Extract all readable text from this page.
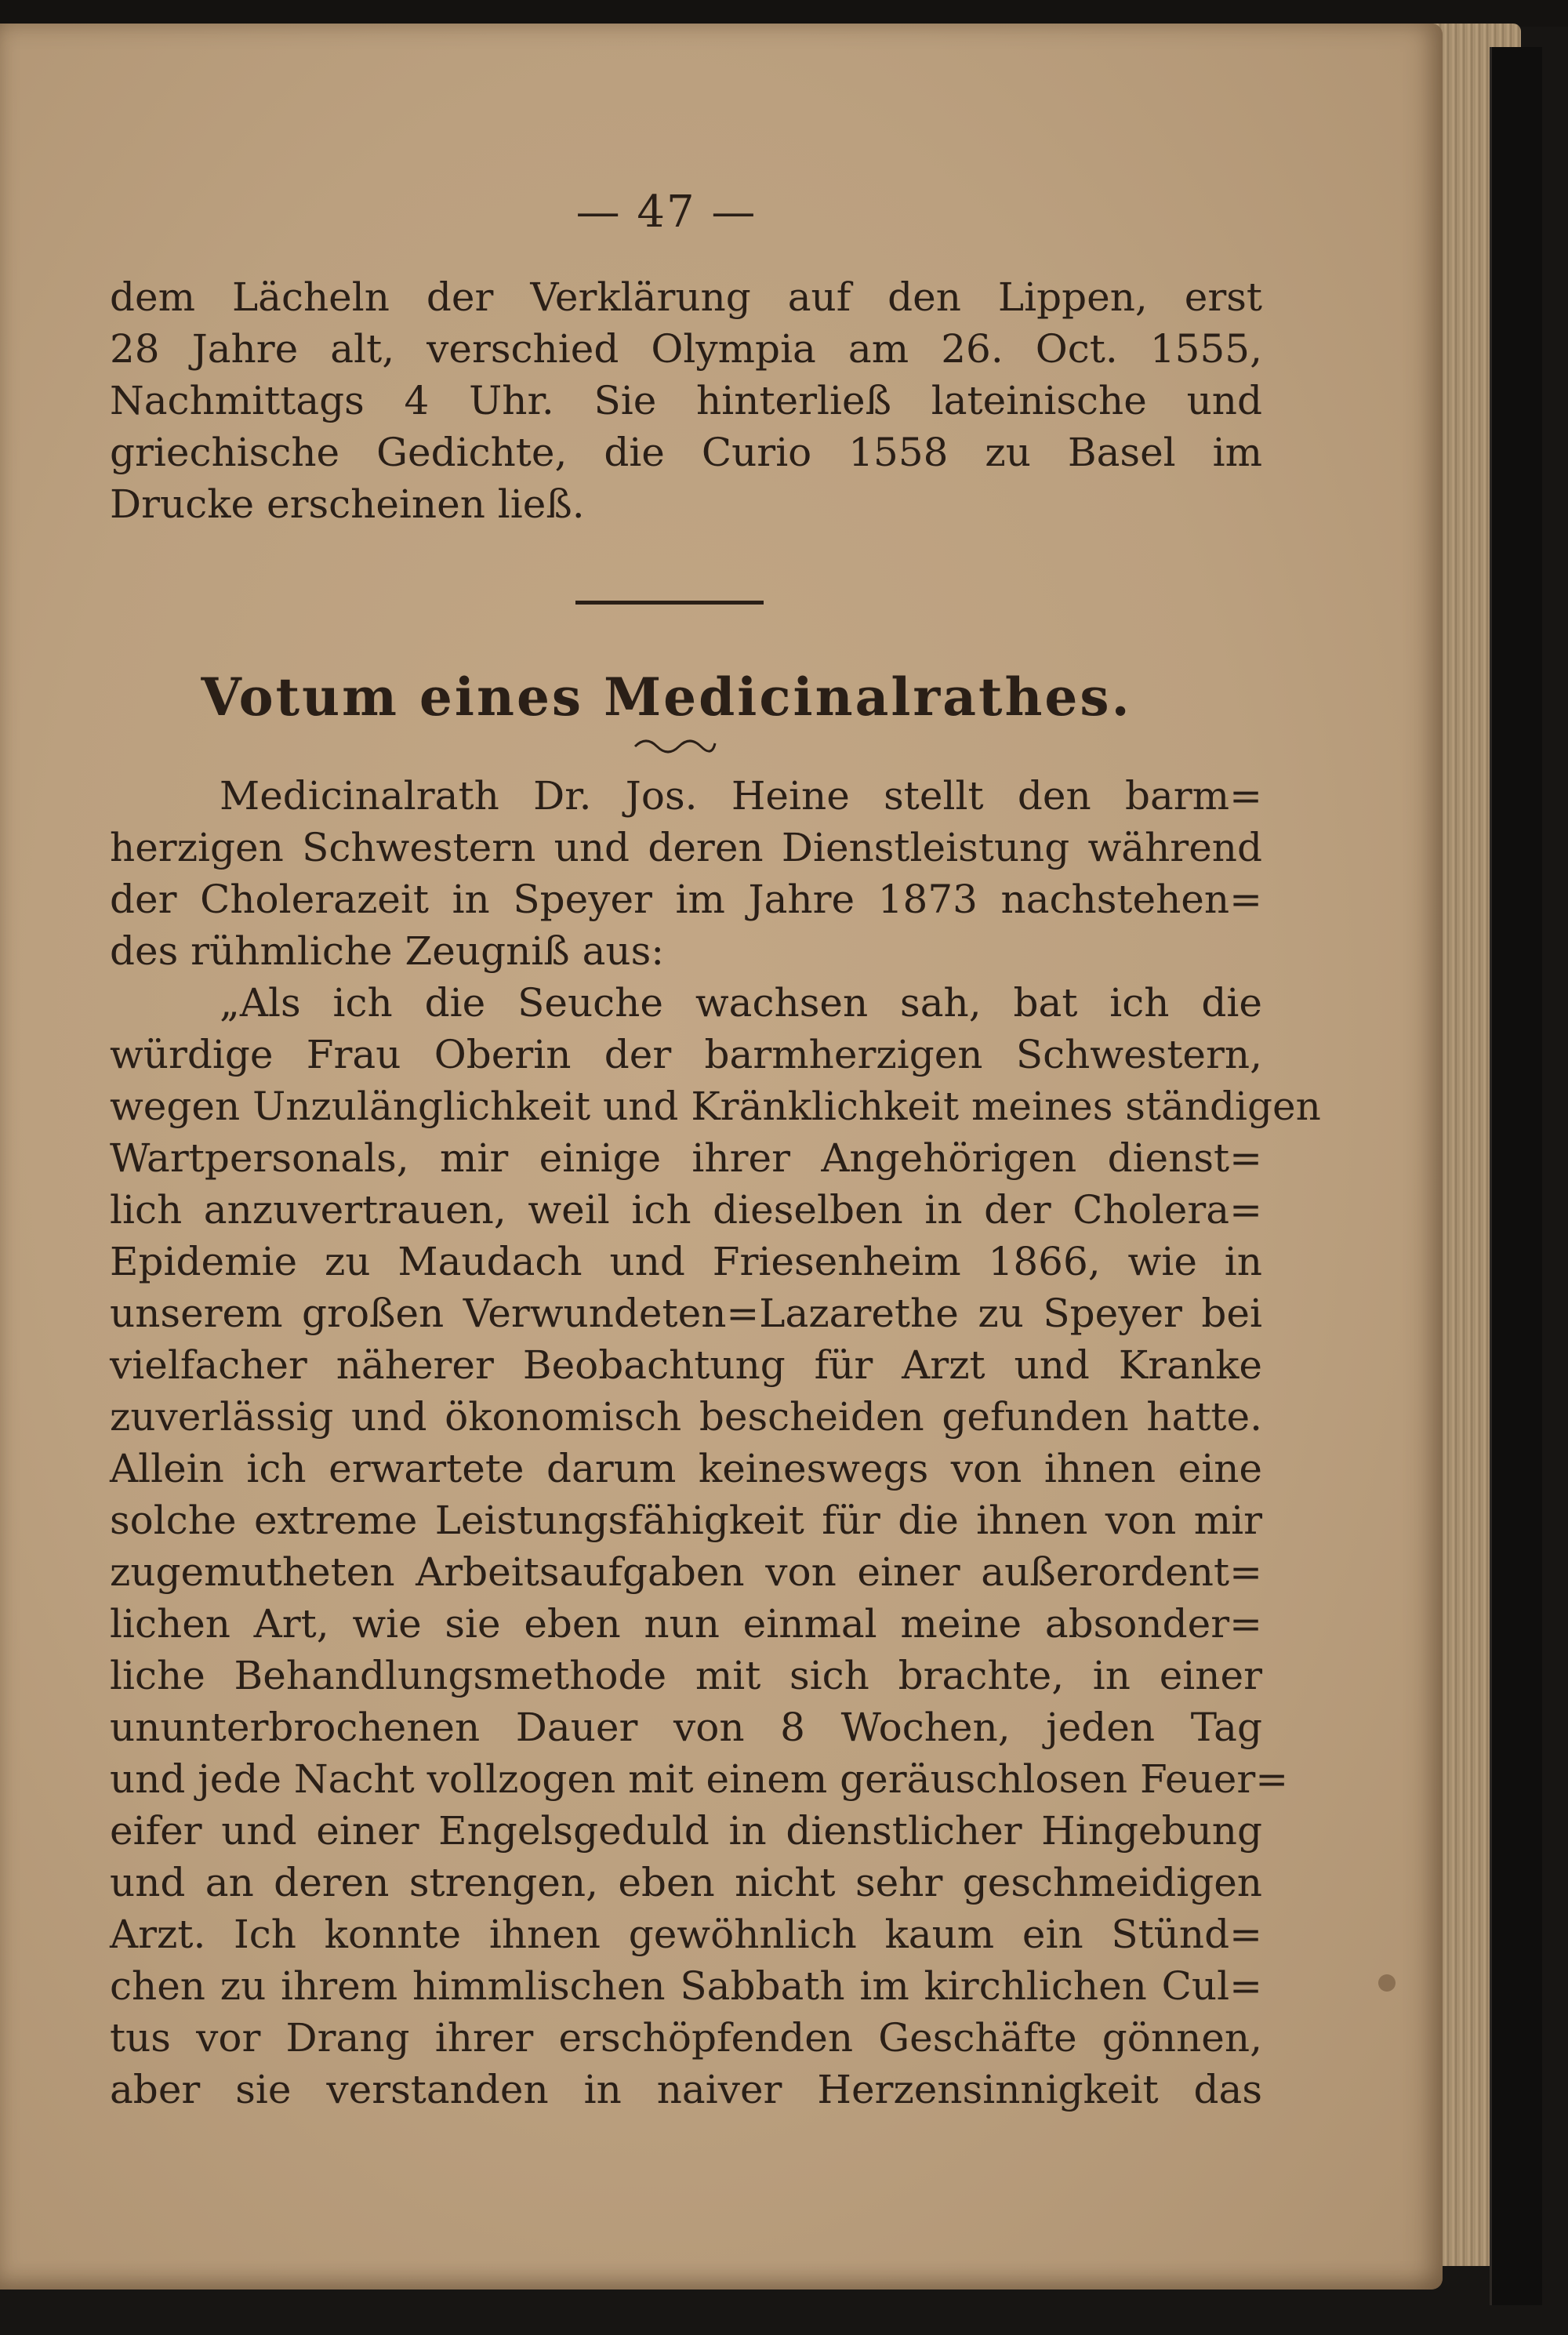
— 47 —
dem Lächeln der Verklärung auf den Lippen, erst
28 Jahre alt, verschied Olympia am 26. Oct. 1555,
Nachmittags 4 Uhr. Sie hinterließ lateinische und
griechische Gedichte, die Curio 1558 zu Basel im
Drucke erscheinen ließ.
Votum eines Medicinalrathes.
Medicinalrath Dr. Jos. Heine stellt den barm=
herzigen Schwestern und deren Dienstleistung während
der Cholerazeit in Speyer im Jahre 1873 nachstehen=
des rühmliche Zeugniß aus:
„Als ich die Seuche wachsen sah, bat ich die
würdige Frau Oberin der barmherzigen Schwestern,
wegen Unzulänglichkeit und Kränklichkeit meines ständigen
Wartpersonals, mir einige ihrer Angehörigen dienst=
lich anzuvertrauen, weil ich dieselben in der Cholera=
Epidemie zu Maudach und Friesenheim 1866, wie in
unserem großen Verwundeten=Lazarethe zu Speyer bei
vielfacher näherer Beobachtung für Arzt und Kranke
zuverlässig und ökonomisch bescheiden gefunden hatte.
Allein ich erwartete darum keineswegs von ihnen eine
solche extreme Leistungsfähigkeit für die ihnen von mir
zugemutheten Arbeitsaufgaben von einer außerordent=
lichen Art, wie sie eben nun einmal meine absonder=
liche Behandlungsmethode mit sich brachte, in einer
ununterbrochenen Dauer von 8 Wochen, jeden Tag
und jede Nacht vollzogen mit einem geräuschlosen Feuer=
eifer und einer Engelsgeduld in dienstlicher Hingebung
und an deren strengen, eben nicht sehr geschmeidigen
Arzt. Ich konnte ihnen gewöhnlich kaum ein Stünd=
chen zu ihrem himmlischen Sabbath im kirchlichen Cul=
tus vor Drang ihrer erschöpfenden Geschäfte gönnen,
aber sie verstanden in naiver Herzensinnigkeit das
